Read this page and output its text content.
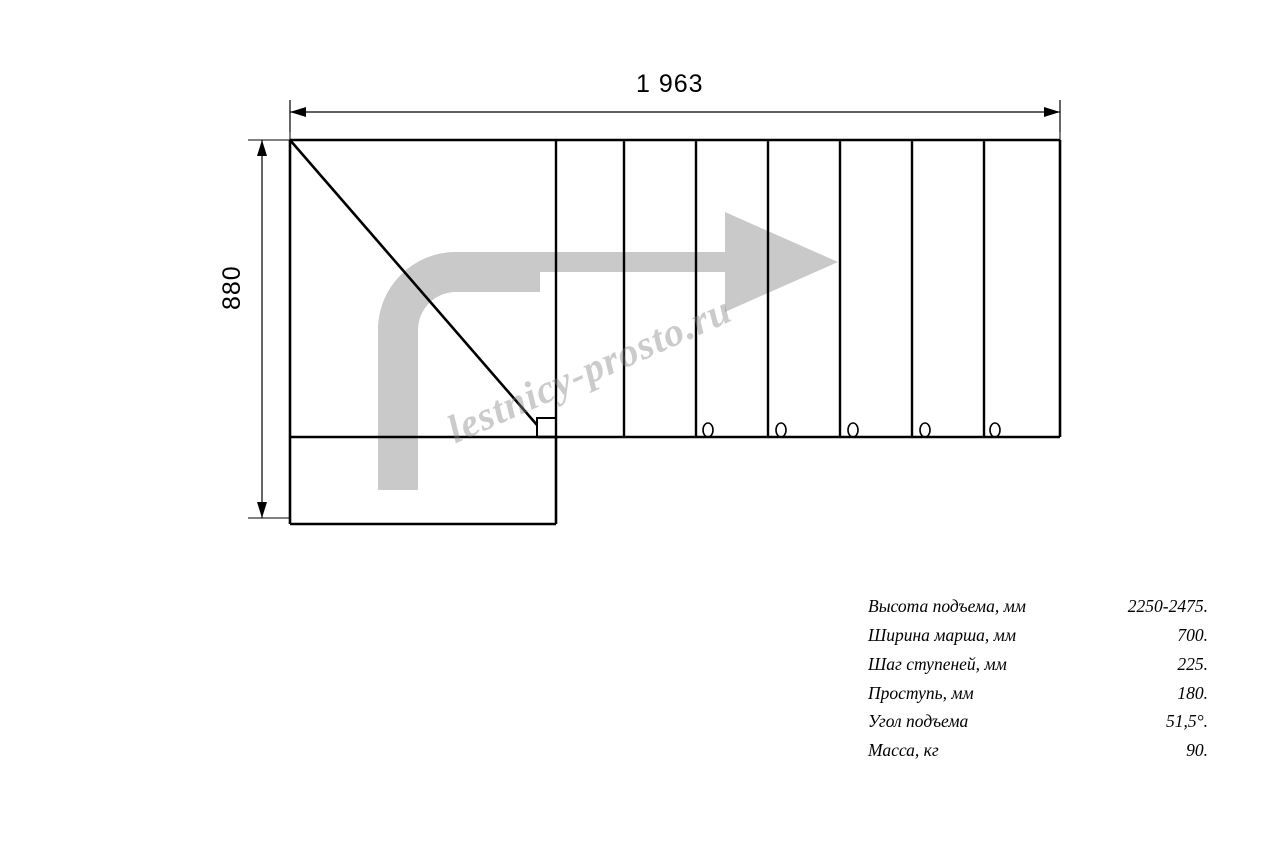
1 963
880	lestnicy-prosto.ru
Высота подъема, мм	2250-2475.
Ширина марша, мм	700.
Шаг ступеней, мм	225.
Проступь, мм	180.
Угол подъема	51,5°.
Масса, кг	90.
